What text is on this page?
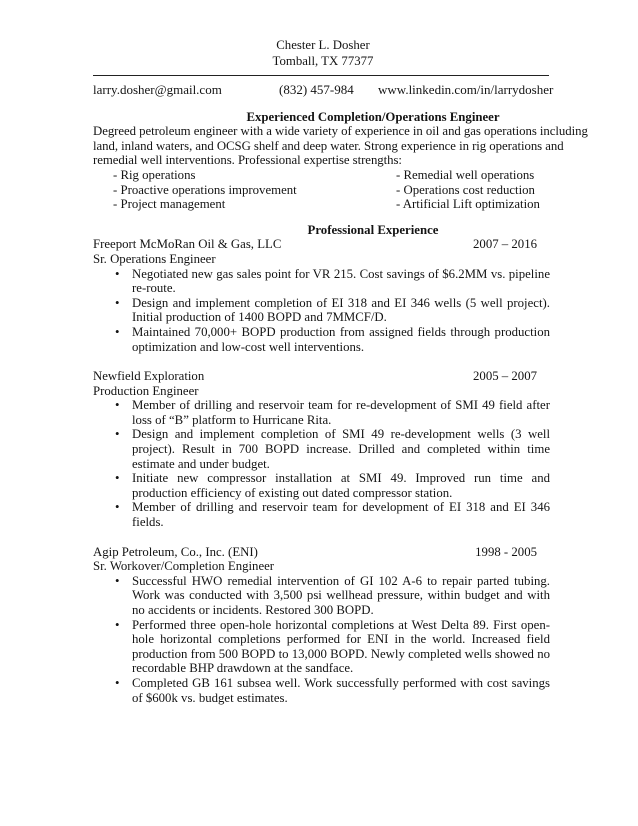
Chester L. Dosher
Tomball, TX 77377
larry.dosher@gmail.com	(832) 457-984	www.linkedin.com/in/larrydosher
Experienced Completion/Operations Engineer
Degreed petroleum engineer with a wide variety of experience in oil and gas operations including land, inland waters, and OCSG shelf and deep water. Strong experience in rig operations and remedial well interventions. Professional expertise strengths:
- Rig operations	- Remedial well operations
- Proactive operations improvement	- Operations cost reduction
- Project management	- Artificial Lift optimization
Professional Experience
Freeport McMoRan Oil & Gas, LLC	2007 – 2016
Sr. Operations Engineer
• Negotiated new gas sales point for VR 215. Cost savings of $6.2MM vs. pipeline re-route.
• Design and implement completion of EI 318 and EI 346 wells (5 well project). Initial production of 1400 BOPD and 7MMCF/D.
• Maintained 70,000+ BOPD production from assigned fields through production optimization and low-cost well interventions.
Newfield Exploration	2005 – 2007
Production Engineer
• Member of drilling and reservoir team for re-development of SMI 49 field after loss of “B” platform to Hurricane Rita.
• Design and implement completion of SMI 49 re-development wells (3 well project). Result in 700 BOPD increase. Drilled and completed within time estimate and under budget.
• Initiate new compressor installation at SMI 49. Improved run time and production efficiency of existing out dated compressor station.
• Member of drilling and reservoir team for development of EI 318 and EI 346 fields.
Agip Petroleum, Co., Inc. (ENI)	1998 - 2005
Sr. Workover/Completion Engineer
• Successful HWO remedial intervention of GI 102 A-6 to repair parted tubing. Work was conducted with 3,500 psi wellhead pressure, within budget and with no accidents or incidents. Restored 300 BOPD.
• Performed three open-hole horizontal completions at West Delta 89. First open-hole horizontal completions performed for ENI in the world. Increased field production from 500 BOPD to 13,000 BOPD. Newly completed wells showed no recordable BHP drawdown at the sandface.
• Completed GB 161 subsea well. Work successfully performed with cost savings of $600k vs. budget estimates.
